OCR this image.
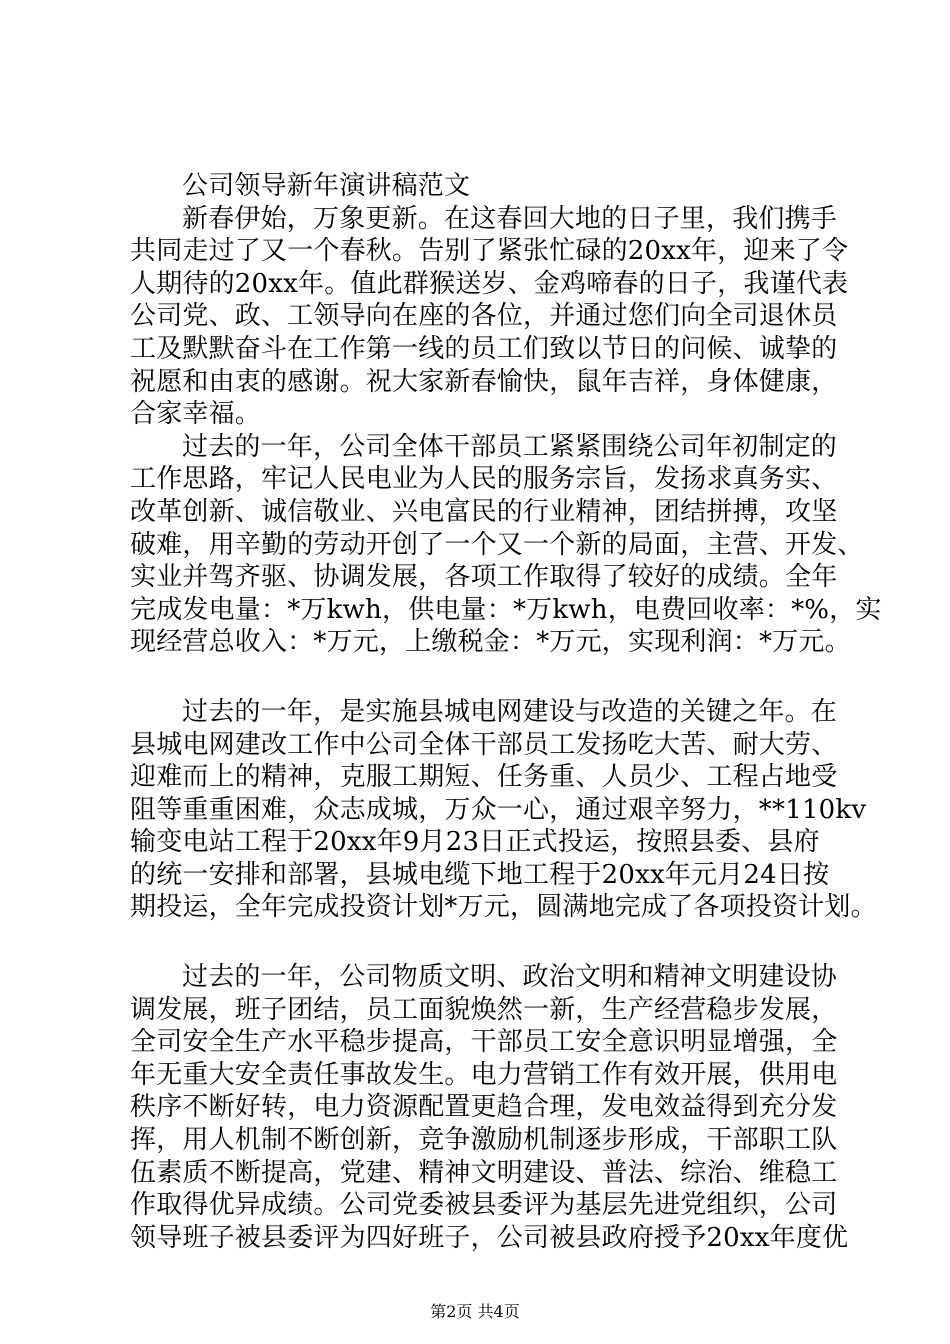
公司领导新年演讲稿范文
新春伊始，万象更新。在这春回大地的日子里，我们携手
共同走过了又一个春秋。告别了紧张忙碌的20xx年，迎来了令
人期待的20xx年。值此群猴送岁、金鸡啼春的日子，我谨代表
公司党、政、工领导向在座的各位，并通过您们向全司退休员
工及默默奋斗在工作第一线的员工们致以节日的问候、诚挚的
祝愿和由衷的感谢。祝大家新春愉快，鼠年吉祥，身体健康，
合家幸福。
过去的一年，公司全体干部员工紧紧围绕公司年初制定的
工作思路，牢记人民电业为人民的服务宗旨，发扬求真务实、
改革创新、诚信敬业、兴电富民的行业精神，团结拼搏，攻坚
破难，用辛勤的劳动开创了一个又一个新的局面，主营、开发、
实业并驾齐驱、协调发展，各项工作取得了较好的成绩。全年
完成发电量：*万kwh，供电量：*万kwh，电费回收率：*%，实
现经营总收入：*万元，上缴税金：*万元，实现利润：*万元。
过去的一年，是实施县城电网建设与改造的关键之年。在
县城电网建改工作中公司全体干部员工发扬吃大苦、耐大劳、
迎难而上的精神，克服工期短、任务重、人员少、工程占地受
阻等重重困难，众志成城，万众一心，通过艰辛努力，**110kv
输变电站工程于20xx年9月23日正式投运，按照县委、县府
的统一安排和部署，县城电缆下地工程于20xx年元月24日按
期投运，全年完成投资计划*万元，圆满地完成了各项投资计划。
过去的一年，公司物质文明、政治文明和精神文明建设协
调发展，班子团结，员工面貌焕然一新，生产经营稳步发展，
全司安全生产水平稳步提高，干部员工安全意识明显增强，全
年无重大安全责任事故发生。电力营销工作有效开展，供用电
秩序不断好转，电力资源配置更趋合理，发电效益得到充分发
挥，用人机制不断创新，竞争激励机制逐步形成，干部职工队
伍素质不断提高，党建、精神文明建设、普法、综治、维稳工
作取得优异成绩。公司党委被县委评为基层先进党组织，公司
领导班子被县委评为四好班子，公司被县政府授予20xx年度优
第2页 共4页
